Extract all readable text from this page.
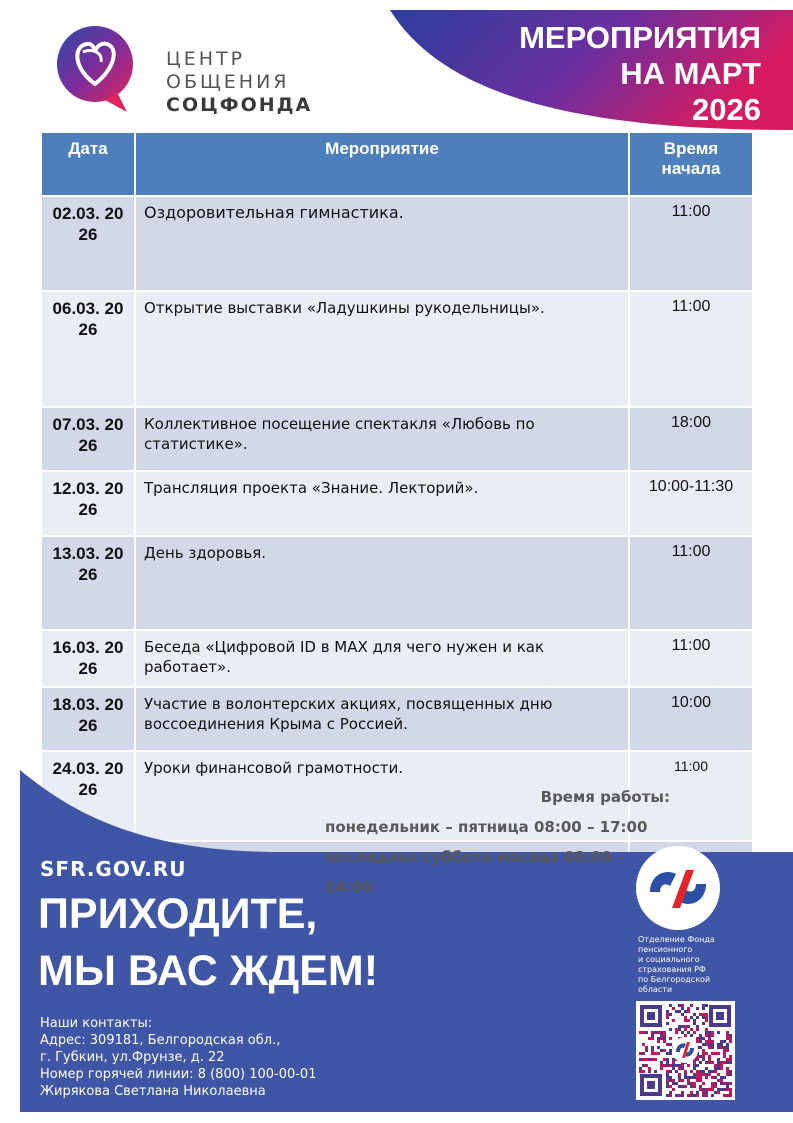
ЦЕНТР
ОБЩЕНИЯ
СОЦФОНДА
МЕРОПРИЯТИЯ
НА МАРТ
2026
Дата	Мероприятие	Время начала

02.03. 2026	Оздоровительная гимнастика.	11:00

06.03. 2026	Открытие выставки «Ладушкины рукодельницы».	11:00

07.03. 2026	Коллективное посещение спектакля «Любовь по статистике».	18:00

12.03. 2026	Трансляция проекта «Знание. Лекторий».	10:00-11:30

13.03. 2026	День здоровья.	11:00

16.03. 2026	Беседа «Цифровой ID в MAX для чего нужен и как работает».	11:00

18.03. 2026	Участие в волонтерских акциях, посвященных дню воссоединения Крыма с Россией.	10:00

24.03. 2026	Уроки финансовой грамотности.	11:00

Время работы:
понедельник – пятница 08:00 – 17:00
последняя суббота месяца 08:00 –
14:00
SFR.GOV.RU
ПРИХОДИТЕ,
МЫ ВАС ЖДЕМ!
Наши контакты:
Адрес: 309181, Белгородская обл.,
г. Губкин, ул.Фрунзе, д. 22
Номер горячей линии: 8 (800) 100-00-01
Жирякова Светлана Николаевна
Отделение Фонда
пенсионного
и социального
страхования РФ
по Белгородской
области
